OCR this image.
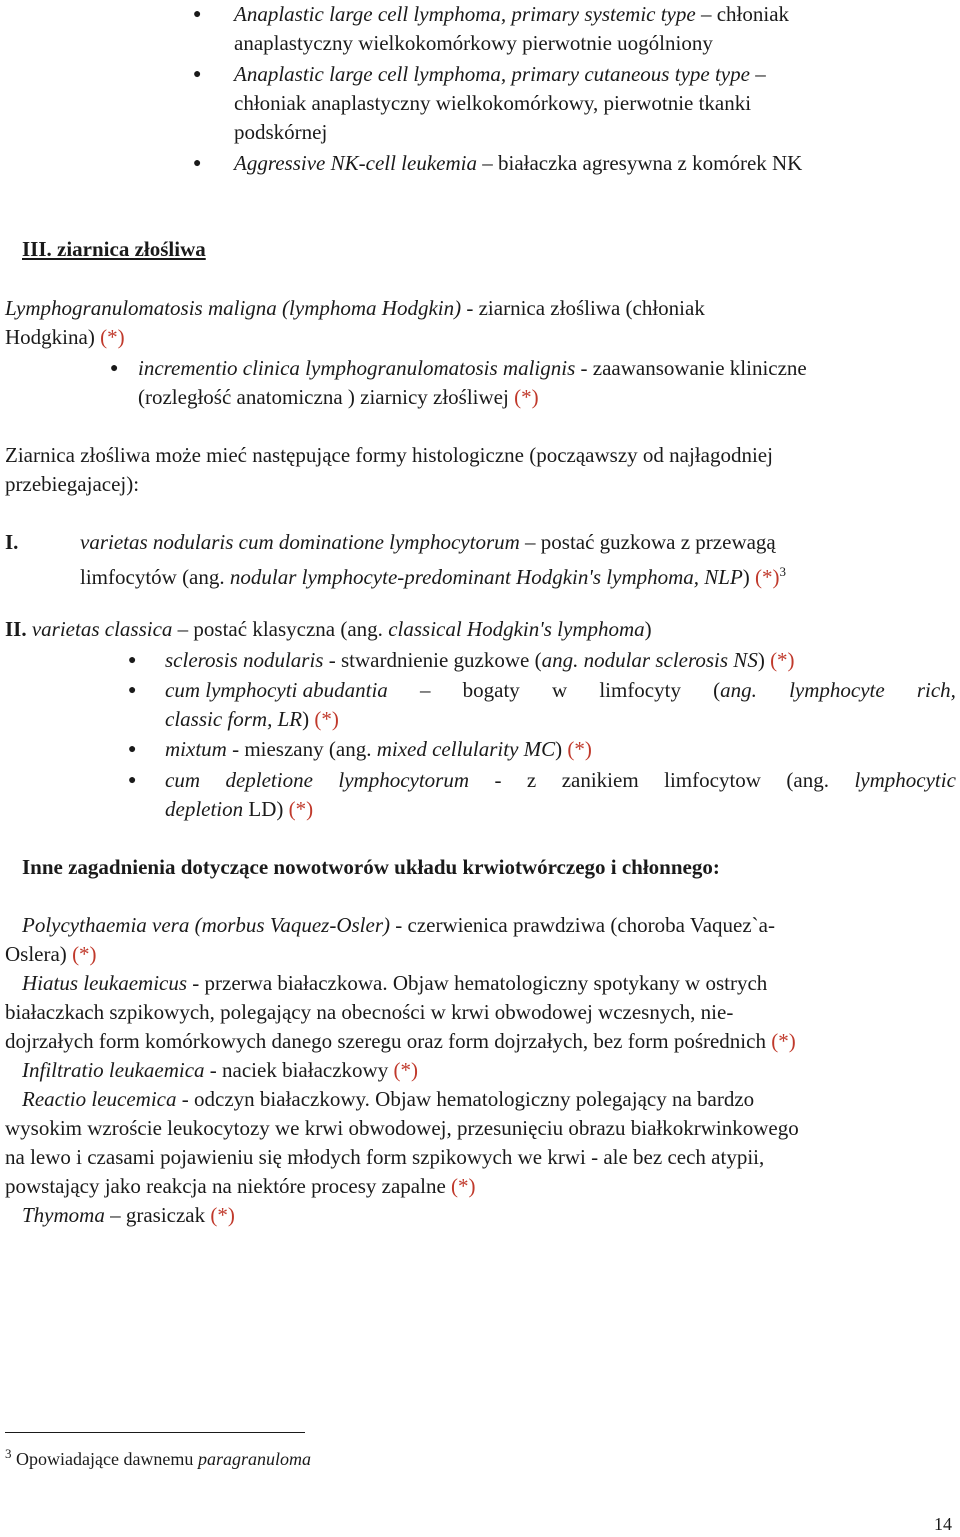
● Anaplastic large cell lymphoma, primary systemic type – chłoniak
anaplastyczny wielkokomórkowy pierwotnie uogólniony
● Anaplastic large cell lymphoma, primary cutaneous type type –
chłoniak anaplastyczny wielkokomórkowy, pierwotnie tkanki
podskórnej
● Aggressive NK-cell leukemia – białaczka agresywna z komórek NK
III. ziarnica złośliwa
Lymphogranulomatosis maligna (lymphoma Hodgkin) - ziarnica złośliwa (chłoniak
Hodgkina) (*)
● incrementio clinica lymphogranulomatosis malignis - zaawansowanie kliniczne
(rozległość anatomiczna ) ziarnicy złośliwej (*)
Ziarnica złośliwa może mieć następujące formy histologiczne (począawszy od najłagodniej
przebiegajacej):
I.	varietas nodularis cum dominatione lymphocytorum – postać guzkowa z przewagą
limfocytów (ang. nodular lymphocyte-predominant Hodgkin's lymphoma, NLP) $(*)^3$
II. varietas classica – postać klasyczna (ang. classical Hodgkin's lymphoma)
● sclerosis nodularis - stwardnienie guzkowe (ang. nodular sclerosis NS) (*)
● cum lymphocyti abudantia – bogaty w limfocyty (ang. lymphocyte rich,
classic form, LR) (*)
● mixtum - mieszany (ang. mixed cellularity MC) (*)
● cum depletione lymphocytorum - z zanikiem limfocytow (ang. lymphocytic
depletion LD) (*)
Inne zagadnienia dotyczące nowotworów układu krwiotwórczego i chłonnego:
Polycythaemia vera (morbus Vaquez-Osler) - czerwienica prawdziwa (choroba Vaquez`a-
Oslera) (*)
Hiatus leukaemicus - przerwa białaczkowa. Objaw hematologiczny spotykany w ostrych
białaczkach szpikowych, polegający na obecności w krwi obwodowej wczesnych, nie-
dojrzałych form komórkowych danego szeregu oraz form dojrzałych, bez form pośrednich (*)
Infiltratio leukaemica - naciek białaczkowy (*)
Reactio leucemica - odczyn białaczkowy. Objaw hematologiczny polegający na bardzo
wysokim wzroście leukocytozy we krwi obwodowej, przesunięciu obrazu białkokrwinkowego
na lewo i czasami pojawieniu się młodych form szpikowych we krwi - ale bez cech atypii,
powstający jako reakcja na niektóre procesy zapalne (*)
Thymoma – grasiczak (*)
$^3$ Opowiadające dawnemu paragranuloma
14
